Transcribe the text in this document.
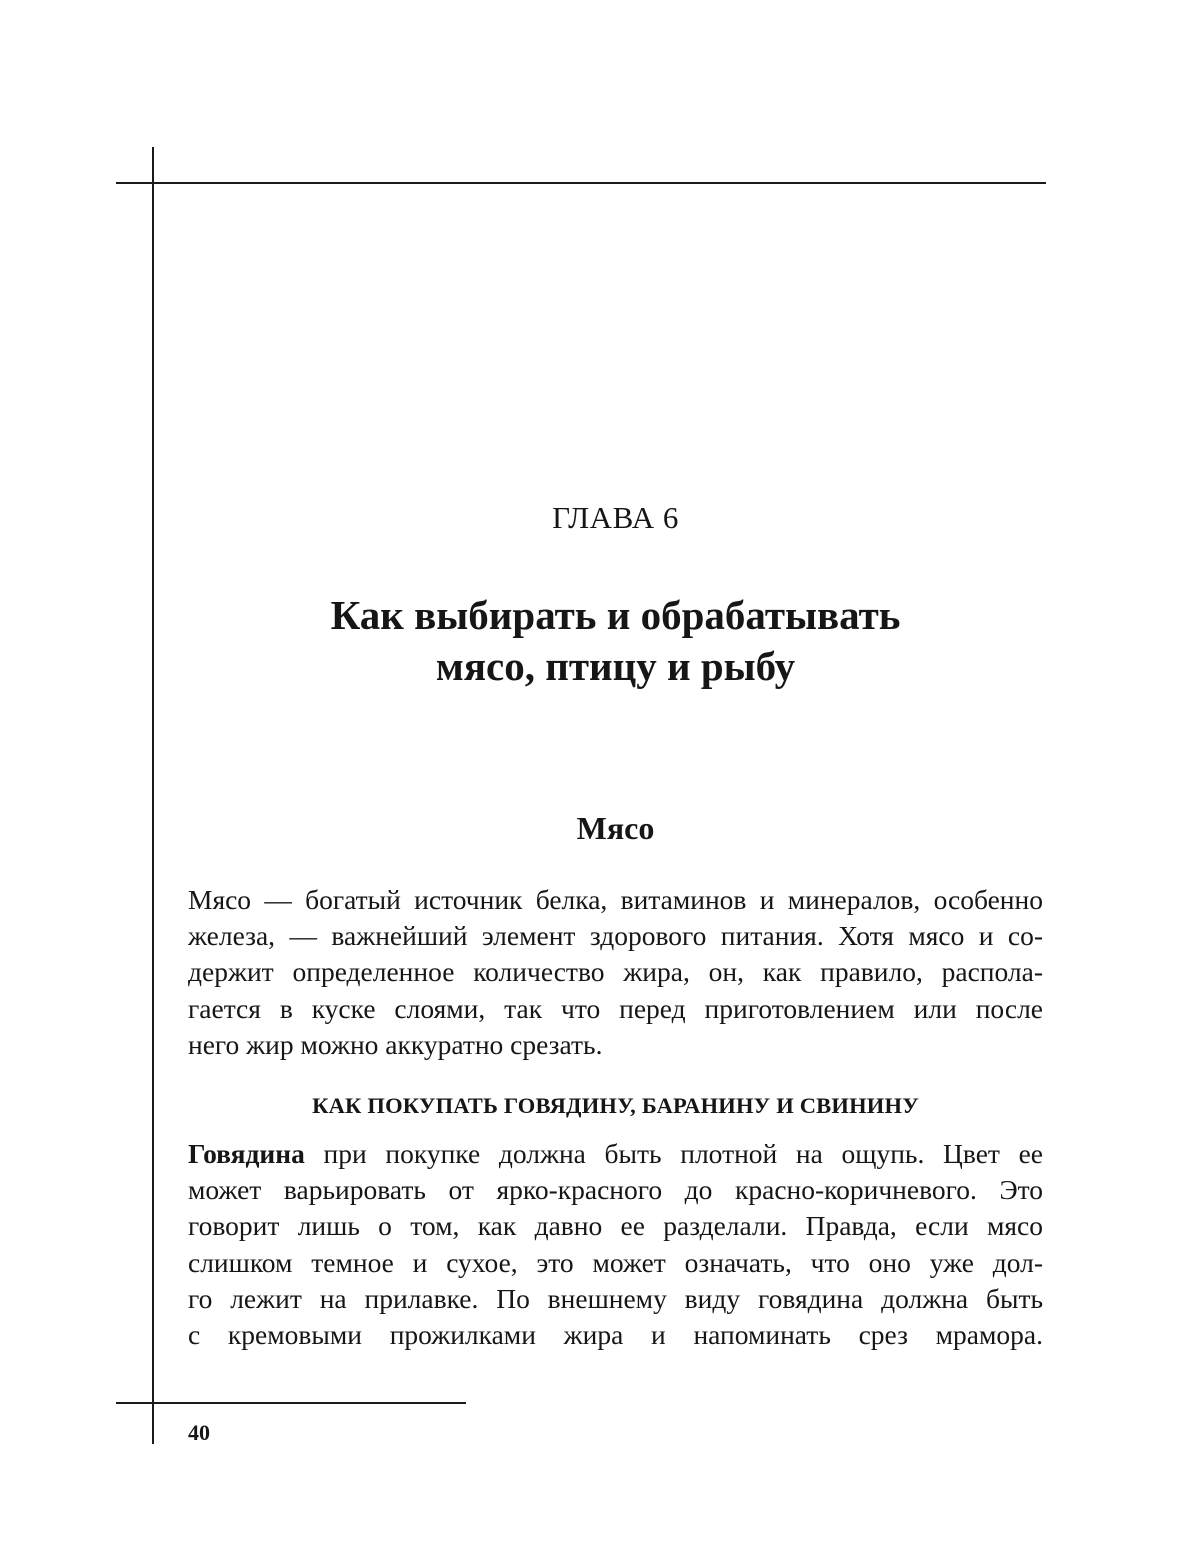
ГЛАВА 6
Как выбирать и обрабатывать
мясо, птицу и рыбу
Мясо
Мясо — богатый источник белка, витаминов и минералов, особенно
железа, — важнейший элемент здорового питания. Хотя мясо и со-
держит определенное количество жира, он, как правило, распола-
гается в куске слоями, так что перед приготовлением или после
него жир можно аккуратно срезать.
КАК ПОКУПАТЬ ГОВЯДИНУ, БАРАНИНУ И СВИНИНУ
Говядина при покупке должна быть плотной на ощупь. Цвет ее
может варьировать от ярко-красного до красно-коричневого. Это
говорит лишь о том, как давно ее разделали. Правда, если мясо
слишком темное и сухое, это может означать, что оно уже дол-
го лежит на прилавке. По внешнему виду говядина должна быть
с кремовыми прожилками жира и напоминать срез мрамора.
40
